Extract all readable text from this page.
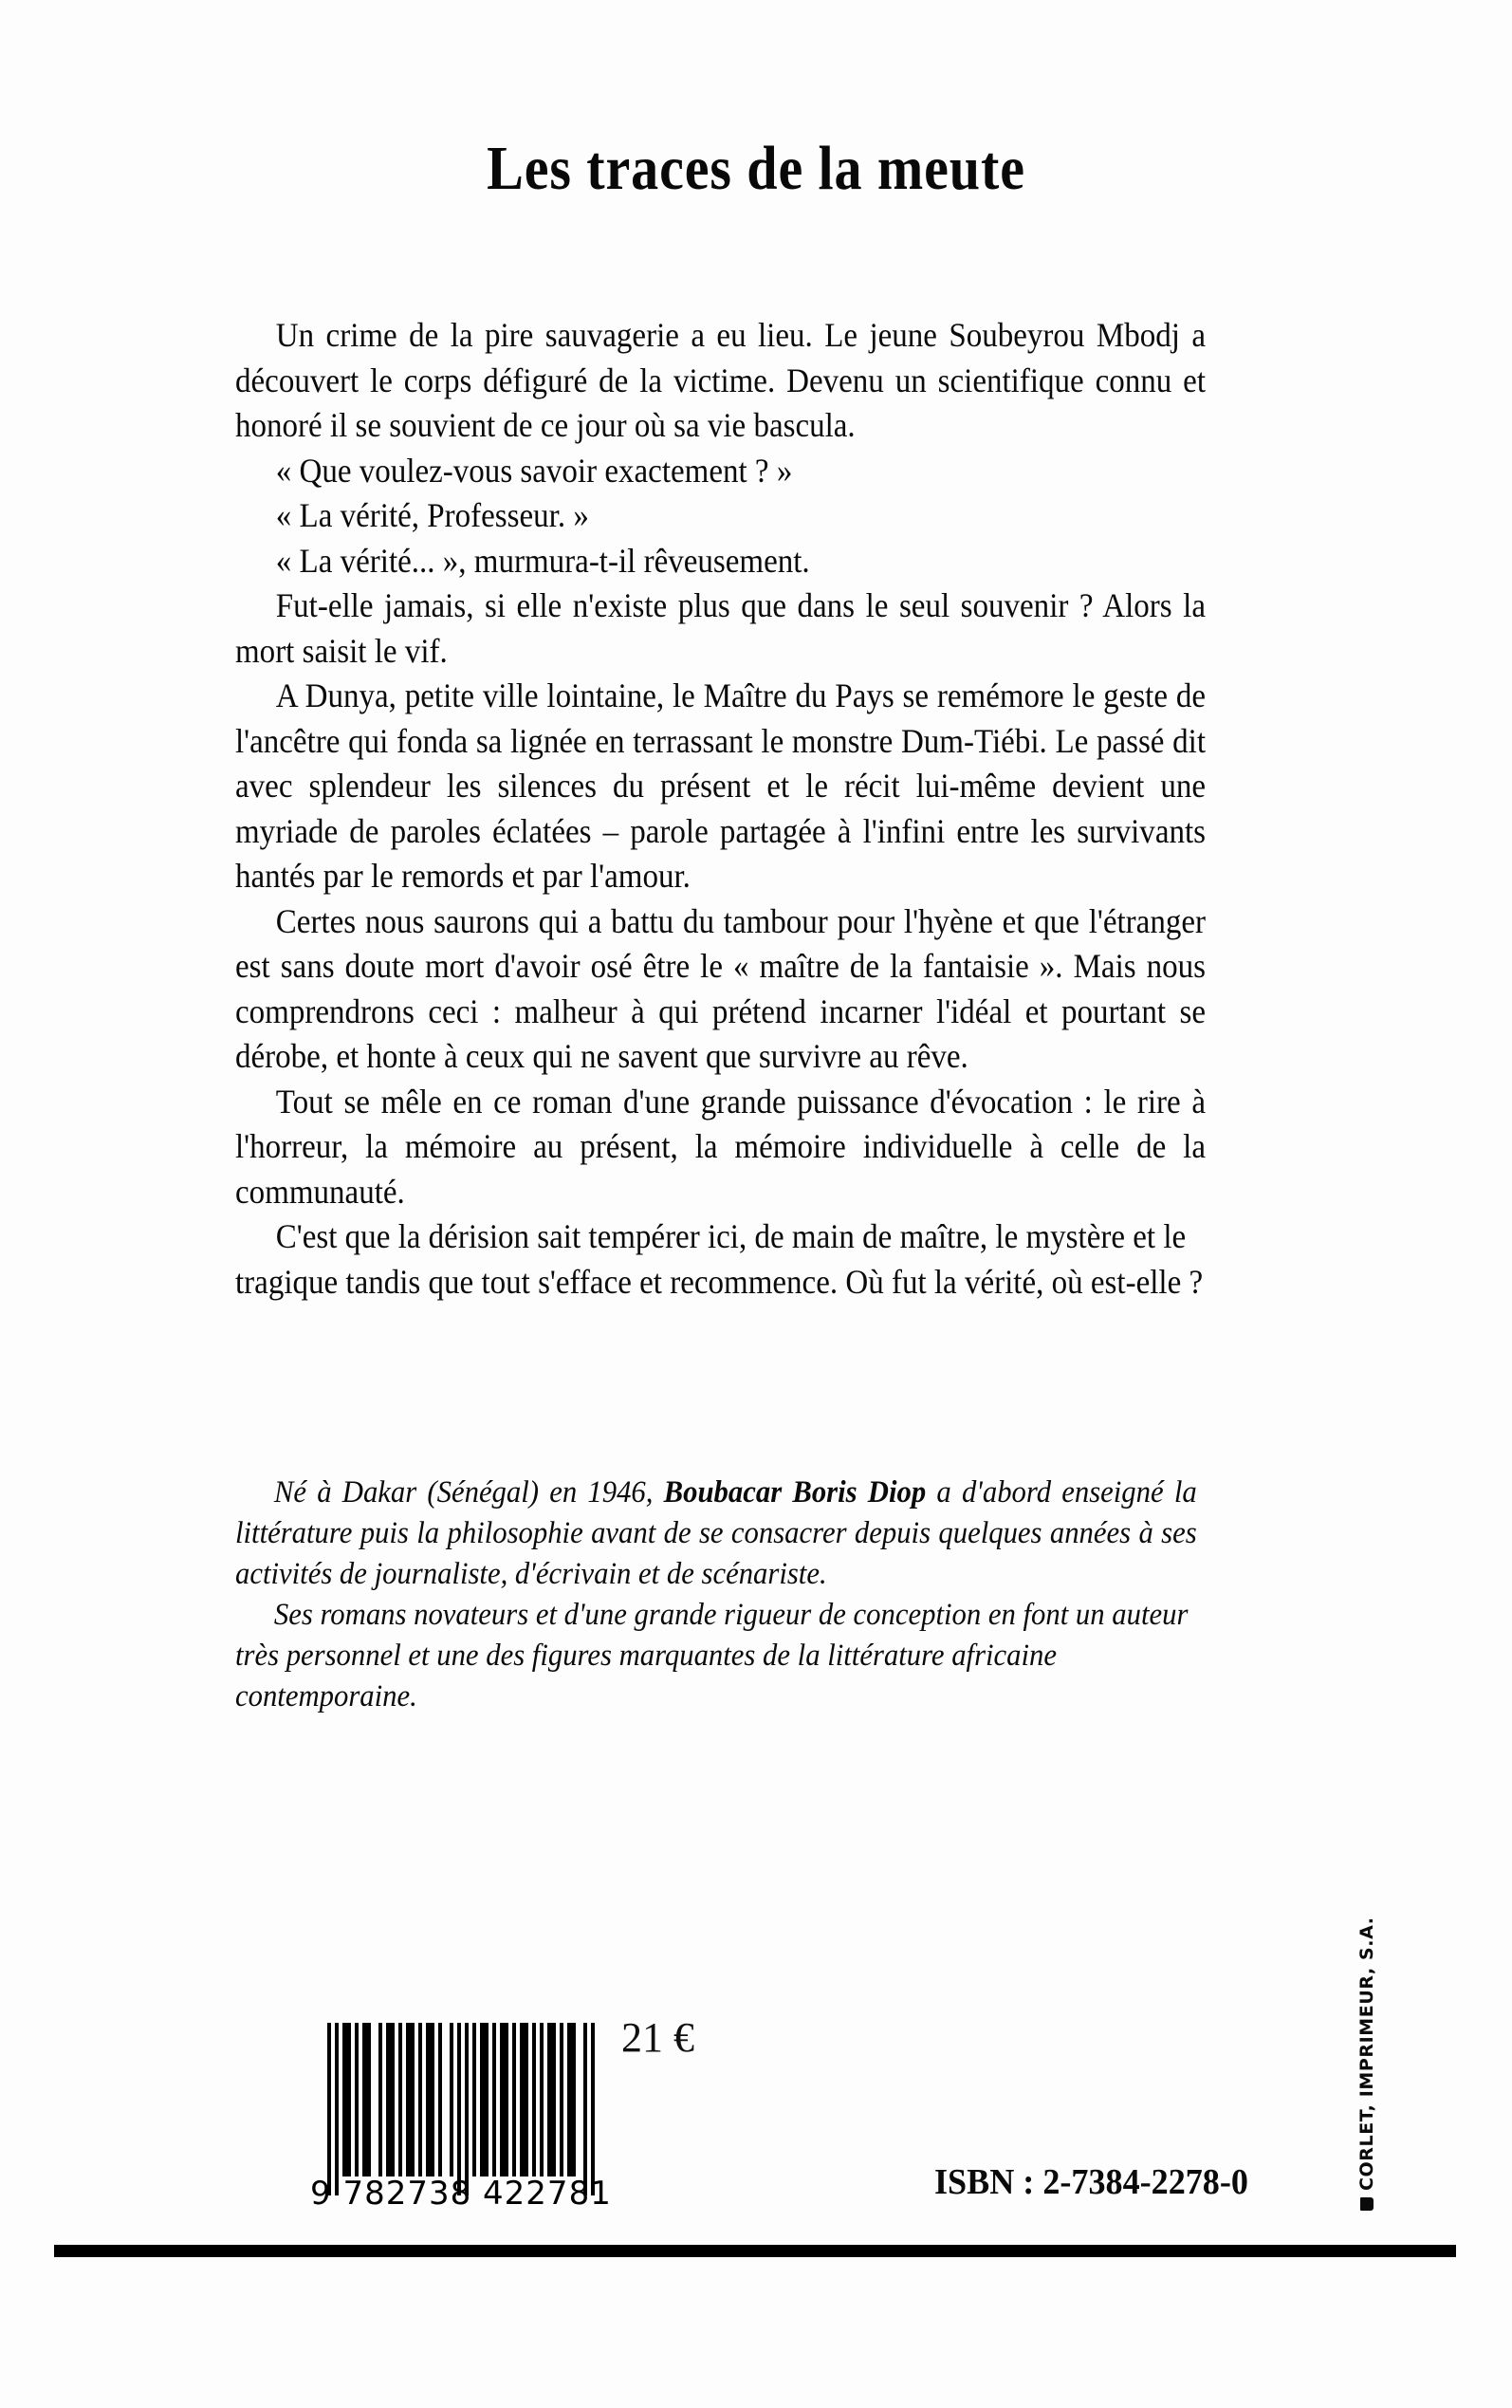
Les traces de la meute

Un crime de la pire sauvagerie a eu lieu. Le jeune Soubeyrou Mbodj a découvert le corps défiguré de la victime. Devenu un scientifique connu et honoré il se souvient de ce jour où sa vie bascula.

« Que voulez-vous savoir exactement ? »

« La vérité, Professeur. »

« La vérité... », murmura-t-il rêveusement.

Fut-elle jamais, si elle n'existe plus que dans le seul souvenir ? Alors la mort saisit le vif.

A Dunya, petite ville lointaine, le Maître du Pays se remémore le geste de l'ancêtre qui fonda sa lignée en terrassant le monstre Dum-Tiébi. Le passé dit avec splendeur les silences du présent et le récit lui-même devient une myriade de paroles éclatées – parole partagée à l'infini entre les survivants hantés par le remords et par l'amour.

Certes nous saurons qui a battu du tambour pour l'hyène et que l'étranger est sans doute mort d'avoir osé être le « maître de la fantaisie ». Mais nous comprendrons ceci : malheur à qui prétend incarner l'idéal et pourtant se dérobe, et honte à ceux qui ne savent que survivre au rêve.

Tout se mêle en ce roman d'une grande puissance d'évocation : le rire à l'horreur, la mémoire au présent, la mémoire individuelle à celle de la communauté.

C'est que la dérision sait tempérer ici, de main de maître, le mystère et le tragique tandis que tout s'efface et recommence. Où fut la vérité, où est-elle ?

Né à Dakar (Sénégal) en 1946, Boubacar Boris Diop a d'abord enseigné la littérature puis la philosophie avant de se consacrer depuis quelques années à ses activités de journaliste, d'écrivain et de scénariste.

Ses romans novateurs et d'une grande rigueur de conception en font un auteur très personnel et une des figures marquantes de la littérature africaine contemporaine.

9 782738 422781
21 €
ISBN : 2-7384-2278-0	CORLET, IMPRIMEUR, S.A.
